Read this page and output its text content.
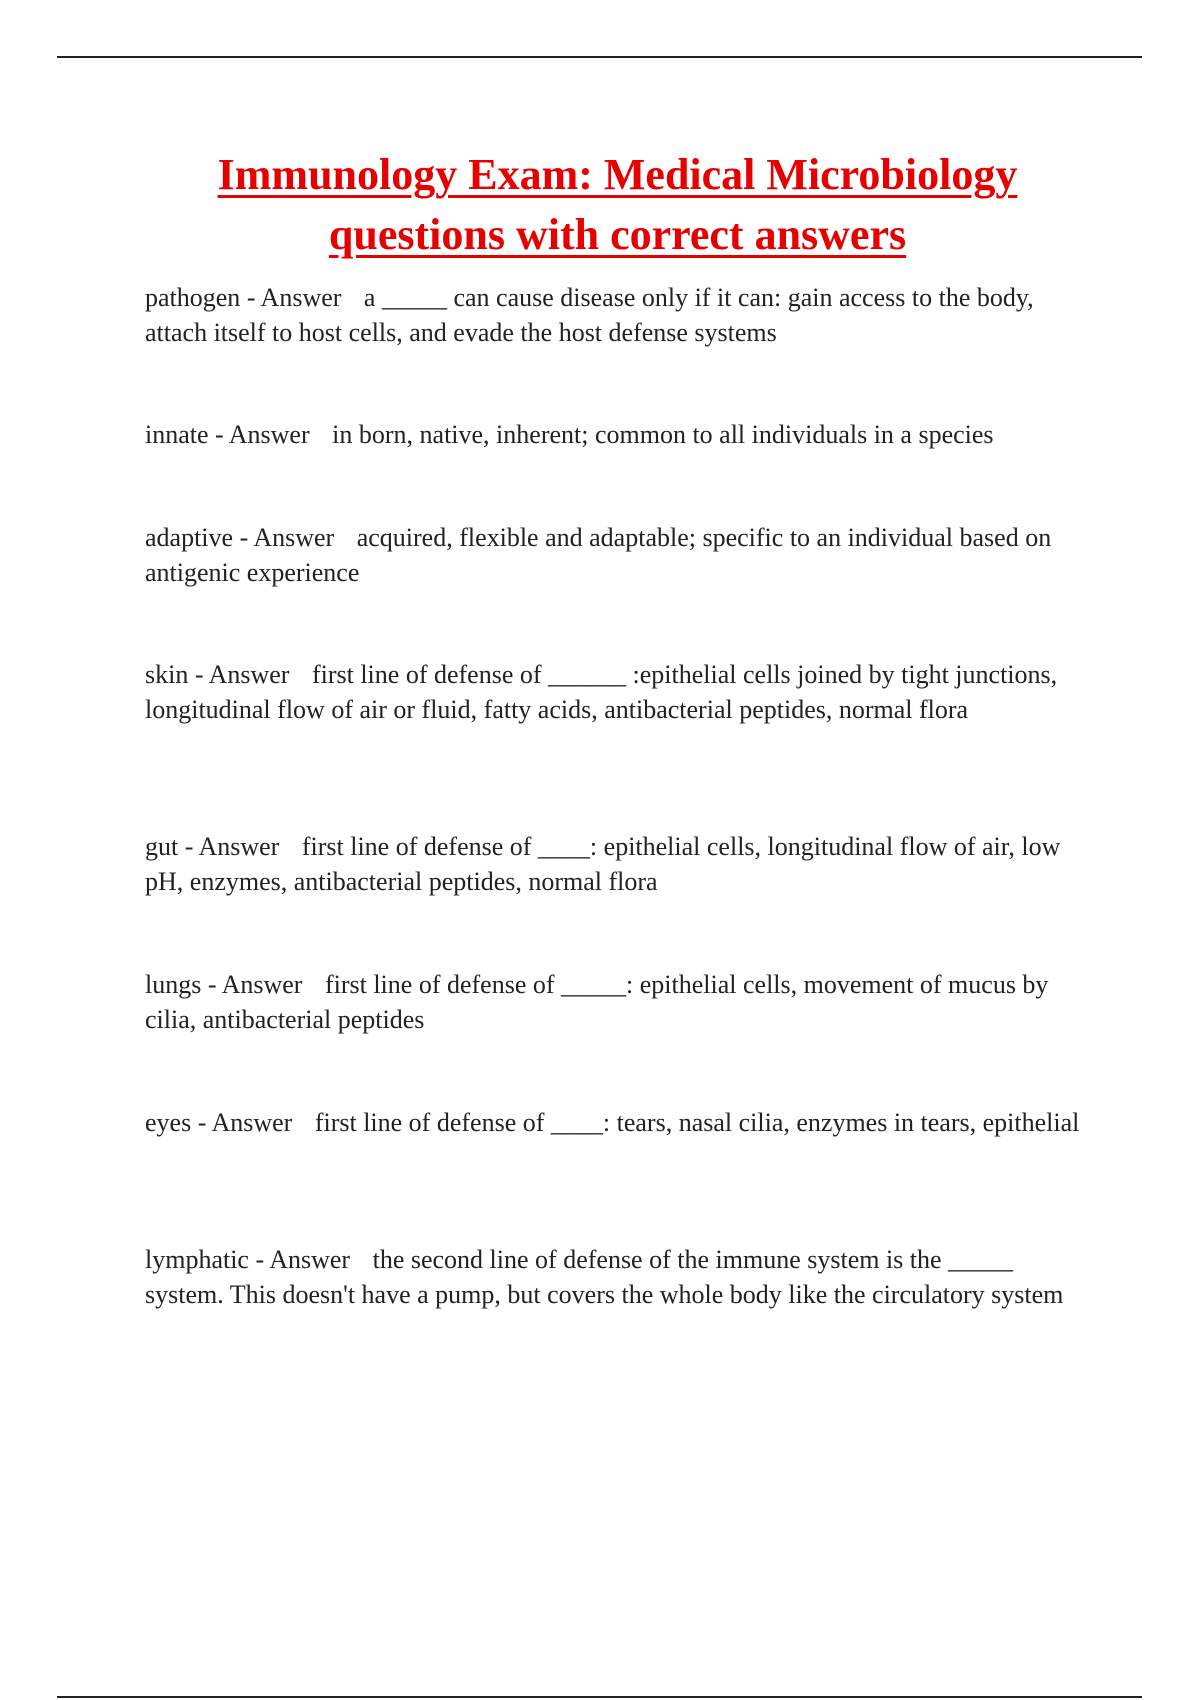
Immunology Exam: Medical Microbiology
questions with correct answers

pathogen - Answer a _____ can cause disease only if it can: gain access to the body, attach itself to host cells, and evade the host defense systems

innate - Answer in born, native, inherent; common to all individuals in a species

adaptive - Answer acquired, flexible and adaptable; specific to an individual based on antigenic experience

skin - Answer first line of defense of ______ :epithelial cells joined by tight junctions, longitudinal flow of air or fluid, fatty acids, antibacterial peptides, normal flora

gut - Answer first line of defense of ____: epithelial cells, longitudinal flow of air, low pH, enzymes, antibacterial peptides, normal flora

lungs - Answer first line of defense of _____: epithelial cells, movement of mucus by cilia, antibacterial peptides

eyes - Answer first line of defense of ____: tears, nasal cilia, enzymes in tears, epithelial

lymphatic - Answer the second line of defense of the immune system is the _____ system. This doesn't have a pump, but covers the whole body like the circulatory system
